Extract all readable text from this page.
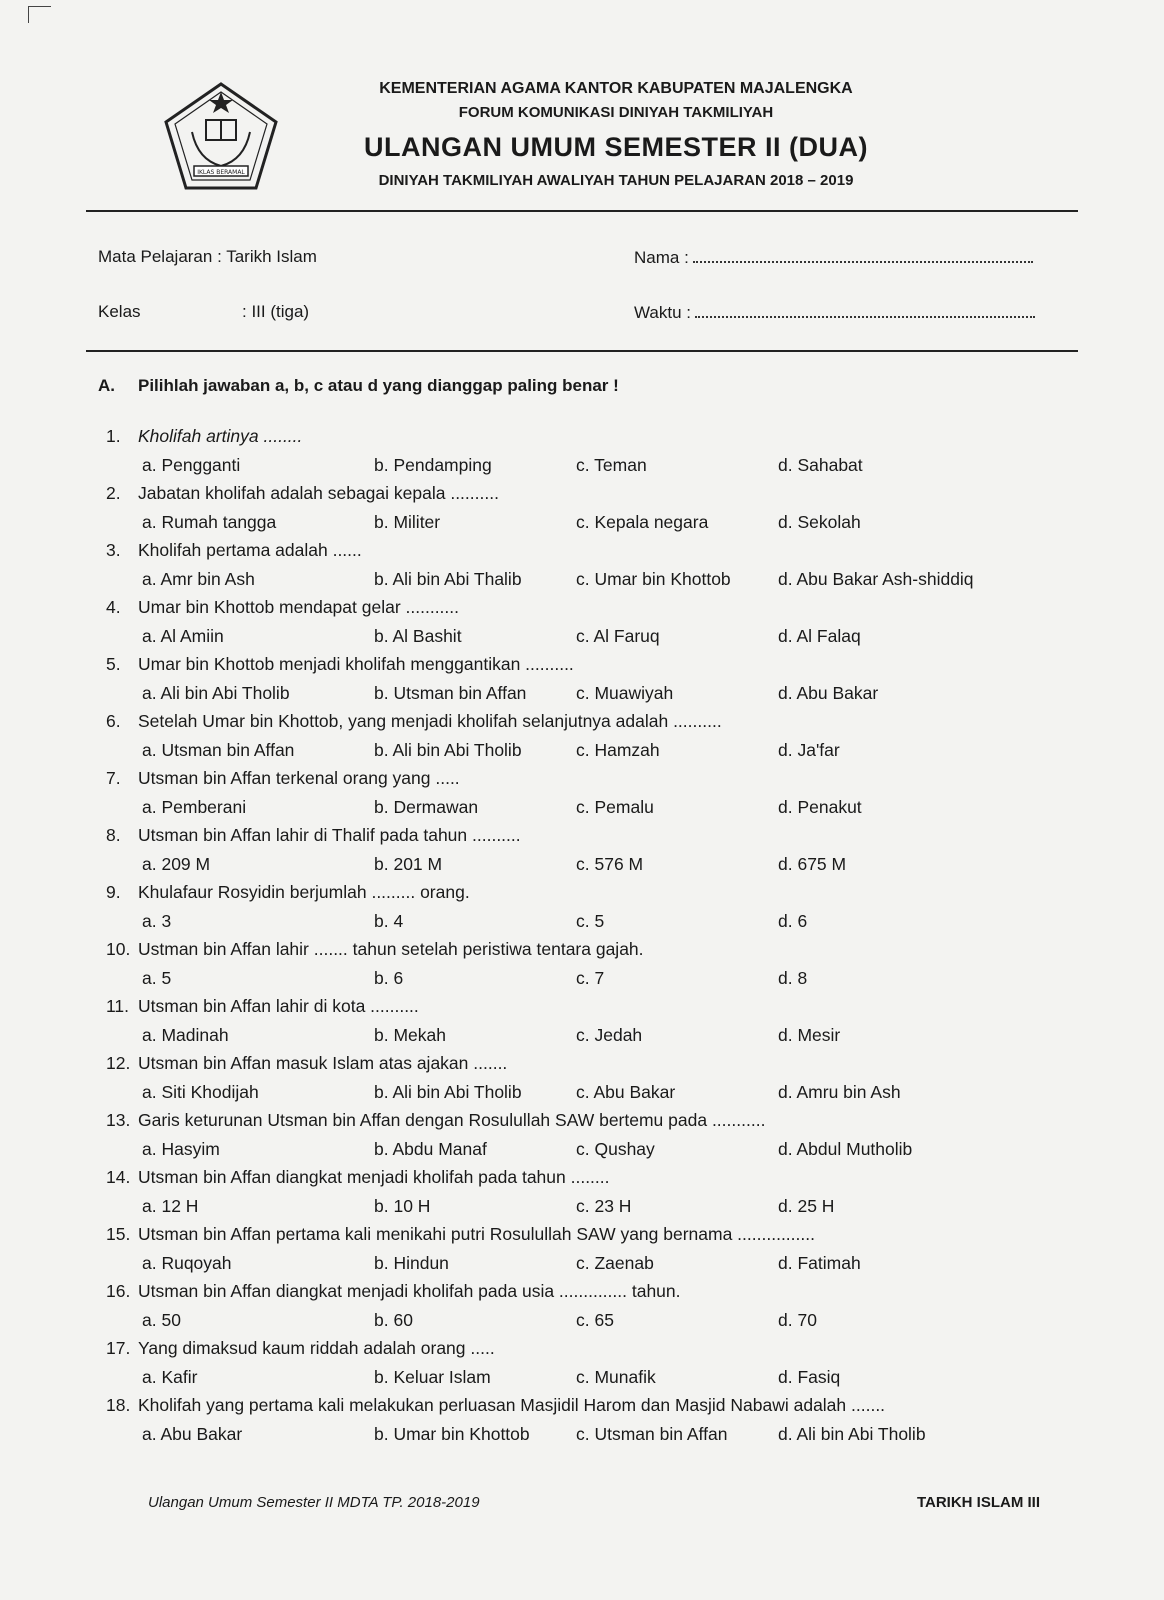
IKLAS BERAMAL
KEMENTERIAN AGAMA KANTOR KABUPATEN MAJALENGKA
FORUM KOMUNIKASI DINIYAH TAKMILIYAH
ULANGAN UMUM SEMESTER II (DUA)
DINIYAH TAKMILIYAH AWALIYAH TAHUN PELAJARAN 2018 – 2019
Mata Pelajaran : Tarikh Islam	Nama :
Kelas	: III (tiga)	Waktu :
A. Pilihlah jawaban a, b, c atau d yang dianggap paling benar !
1. Kholifah artinya ........
a. Pengganti	b. Pendamping	c. Teman	d. Sahabat
2. Jabatan kholifah adalah sebagai kepala ..........
a. Rumah tangga	b. Militer	c. Kepala negara	d. Sekolah
3. Kholifah pertama adalah ......
a. Amr bin Ash	b. Ali bin Abi Thalib	c. Umar bin Khottob	d. Abu Bakar Ash-shiddiq
4. Umar bin Khottob mendapat gelar ...........
a. Al Amiin	b. Al Bashit	c. Al Faruq	d. Al Falaq
5. Umar bin Khottob menjadi kholifah menggantikan ..........
a. Ali bin Abi Tholib	b. Utsman bin Affan	c. Muawiyah	d. Abu Bakar
6. Setelah Umar bin Khottob, yang menjadi kholifah selanjutnya adalah ..........
a. Utsman bin Affan	b. Ali bin Abi Tholib	c. Hamzah	d. Ja'far
7. Utsman bin Affan terkenal orang yang .....
a. Pemberani	b. Dermawan	c. Pemalu	d. Penakut
8. Utsman bin Affan lahir di Thalif pada tahun ..........
a. 209 M	b. 201 M	c. 576 M	d. 675 M
9. Khulafaur Rosyidin berjumlah ......... orang.
a. 3	b. 4	c. 5	d. 6
10. Ustman bin Affan lahir ....... tahun setelah peristiwa tentara gajah.
a. 5	b. 6	c. 7	d. 8
11. Utsman bin Affan lahir di kota ..........
a. Madinah	b. Mekah	c. Jedah	d. Mesir
12. Utsman bin Affan masuk Islam atas ajakan .......
a. Siti Khodijah	b. Ali bin Abi Tholib	c. Abu Bakar	d. Amru bin Ash
13. Garis keturunan Utsman bin Affan dengan Rosulullah SAW bertemu pada ...........
a. Hasyim	b. Abdu Manaf	c. Qushay	d. Abdul Mutholib
14. Utsman bin Affan diangkat menjadi kholifah pada tahun ........
a. 12 H	b. 10 H	c. 23 H	d. 25 H
15. Utsman bin Affan pertama kali menikahi putri Rosulullah SAW yang bernama ................
a. Ruqoyah	b. Hindun	c. Zaenab	d. Fatimah
16. Utsman bin Affan diangkat menjadi kholifah pada usia .............. tahun.
a. 50	b. 60	c. 65	d. 70
17. Yang dimaksud kaum riddah adalah orang .....
a. Kafir	b. Keluar Islam	c. Munafik	d. Fasiq
18. Kholifah yang pertama kali melakukan perluasan Masjidil Harom dan Masjid Nabawi adalah .......
a. Abu Bakar	b. Umar bin Khottob	c. Utsman bin Affan	d. Ali bin Abi Tholib
Ulangan Umum Semester II MDTA TP. 2018-2019	TARIKH ISLAM III
